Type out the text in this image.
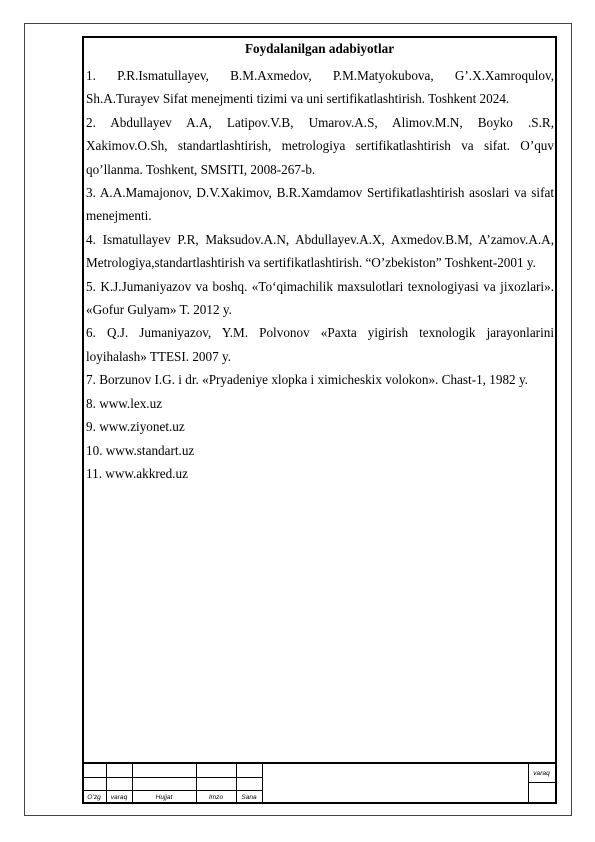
Foydalanilgan adabiyotlar

1. P.R.Ismatullayev, B.M.Axmedov, P.M.Matyokubova, G’.X.Xamroqulov, Sh.A.Turayev Sifat menejmenti tizimi va uni sertifikatlashtirish. Toshkent 2024.

2. Abdullayev A.A, Latipov.V.B, Umarov.A.S, Alimov.M.N, Boyko .S.R, Xakimov.O.Sh, standartlashtirish, metrologiya sertifikatlashtirish va sifat. O’quv qo’llanma. Toshkent, SMSITI, 2008-267-b.

3. A.A.Mamajonov, D.V.Xakimov, B.R.Xamdamov Sertifikatlashtirish asoslari va sifat menejmenti.

4. Ismatullayev P.R, Maksudov.A.N, Abdullayev.A.X, Axmedov.B.M, A’zamov.A.A, Metrologiya,standartlashtirish va sertifikatlashtirish. “O’zbekiston” Toshkent-2001 y.

5. K.J.Jumaniyazov va boshq. «To‘qimachilik maxsulotlari texnologiyasi va jixozlari». «Gofur Gulyam» T. 2012 y.

6. Q.J. Jumaniyazov, Y.M. Polvonov «Paxta yigirish texnologik jarayonlarini loyihalash» TTESI. 2007 y.

7. Borzunov I.G. i dr. «Pryadeniye xlopka i ximicheskix volokon». Chast-1, 1982 y.

8. www.lex.uz

9. www.ziyonet.uz

10. www.standart.uz

11. www.akkred.uz

O’zg	varaq	Hujjat	Imzo	Sana
varaq
